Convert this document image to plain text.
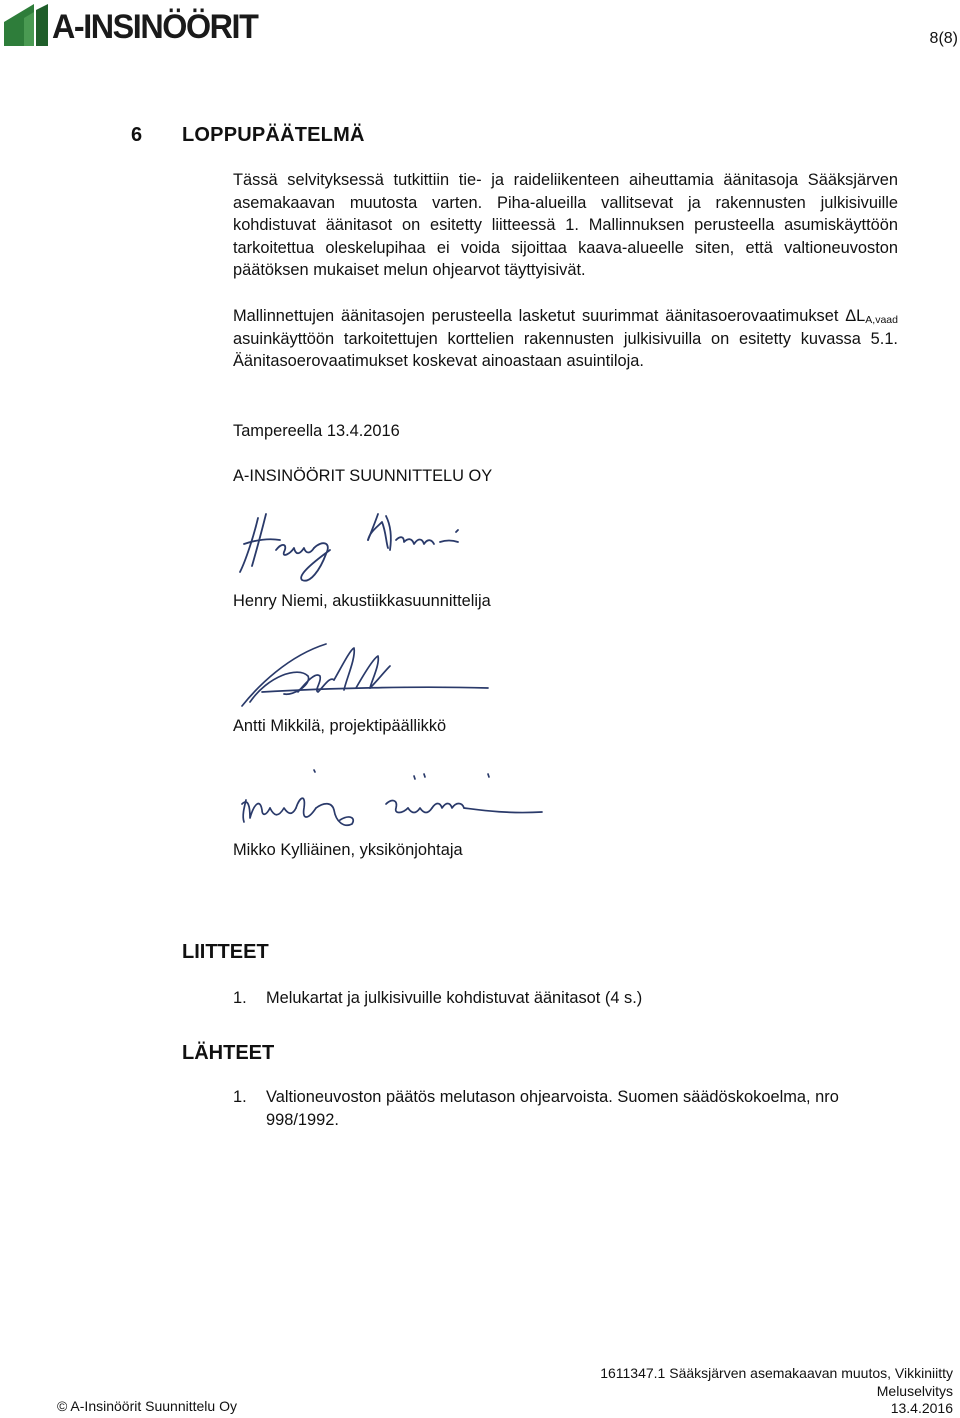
A-INSINÖÖRIT	8(8)
6 LOPPUPÄÄTELMÄ

Tässä selvityksessä tutkittiin tie- ja raideliikenteen aiheuttamia äänitasoja Sääksjärven asemakaavan muutosta varten. Piha-alueilla vallitsevat ja rakennusten julkisivuille kohdistuvat äänitasot on esitetty liitteessä 1. Mallinnuksen perusteella asumiskäyttöön tarkoitettua oleskelupihaa ei voida sijoittaa kaava-alueelle siten, että valtioneuvoston päätöksen mukaiset melun ohjearvot täyttyisivät.

Mallinnettujen äänitasojen perusteella lasketut suurimmat äänitasoerovaatimukset $\Delta L_{A,vaad}$ asuinkäyttöön tarkoitettujen korttelien rakennusten julkisivuilla on esitetty kuvassa 5.1. Äänitasoerovaatimukset koskevat ainoastaan asuintiloja.

Tampereella 13.4.2016
A-INSINÖÖRIT SUUNNITTELU OY
Henry Niemi, akustiikkasuunnittelija
Antti Mikkilä, projektipäällikkö
Mikko Kylliäinen, yksikönjohtaja
LIITTEET
1. Melukartat ja julkisivuille kohdistuvat äänitasot (4 s.)
LÄHTEET
1. Valtioneuvoston päätös melutason ohjearvoista. Suomen säädöskokoelma, nro 998/1992.
© A-Insinöörit Suunnittelu Oy
1611347.1 Sääksjärven asemakaavan muutos, Vikkiniitty
Meluselvitys
13.4.2016
